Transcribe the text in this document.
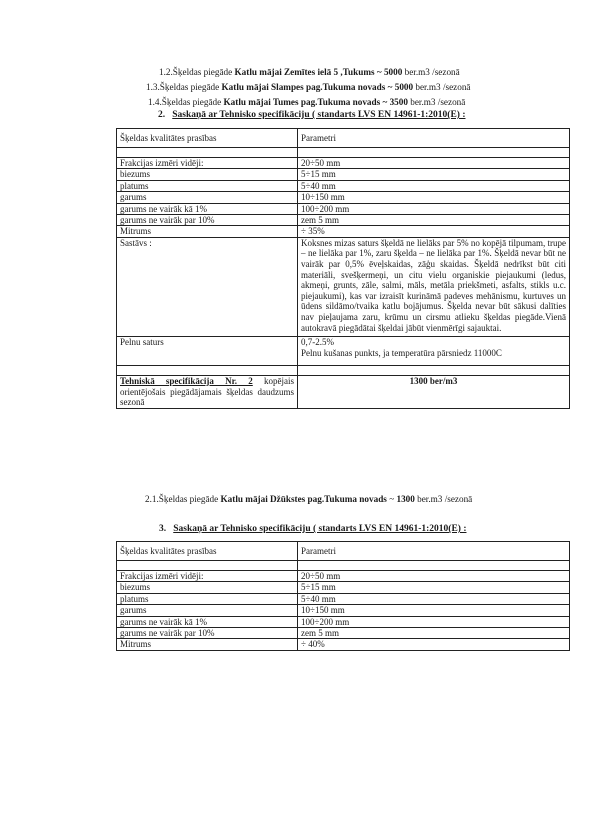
1.2.Šķeldas piegāde Katlu mājai Zemītes ielā 5 ,Tukums ~ 5000 ber.m3 /sezonā
1.3.Šķeldas piegāde Katlu mājai Slampes pag.Tukuma novads ~ 5000 ber.m3 /sezonā
1.4.Šķeldas piegāde Katlu mājai Tumes pag.Tukuma novads ~ 3500 ber.m3 /sezonā
2. Saskaņā ar Tehnisko specifikāciju ( standarts LVS EN 14961-1:2010(E) :
Šķeldas kvalitātes prasības	Parametri

Frakcijas izmēri vidēji:	20÷50 mm
biezums	5÷15 mm
platums	5÷40 mm
garums	10÷150 mm
garums ne vairāk kā 1%	100÷200 mm
garums ne vairāk par 10%	zem 5 mm
Mitrums	÷ 35%
Sastāvs :	Koksnes mizas saturs šķeldā ne lielāks par 5% no kopējā tilpumam, trupe – ne lielāka par 1%, zaru šķelda – ne lielāka par 1%. Šķeldā nevar būt ne vairāk par 0,5% ēveļskaidas, zāģu skaidas. Šķeldā nedrīkst būt citi materiāli, svešķermeņi, un citu vielu organiskie piejaukumi (ledus, akmeņi, grunts, zāle, salmi, māls, metāla priekšmeti, asfalts, stikls u.c. piejaukumi), kas var izraisīt kurināmā padeves mehānismu, kurtuves un ūdens sildāmo/tvaika katlu bojājumus. Šķelda nevar būt sākusi dalīties nav pieļaujama zaru, krūmu un cirsmu atlieku šķeldas piegāde.Vienā autokravā piegādātai šķeldai jābūt vienmērīgi sajauktai.
Pelnu saturs	0,7-2.5%
Pelnu kušanas punkts, ja temperatūra pārsniedz 11000C

Tehniskā specifikācija Nr. 2 kopējais orientējošais piegādājamais šķeldas daudzums sezonā	1300 ber/m3
2.1.Šķeldas piegāde Katlu mājai Džūkstes pag.Tukuma novads ~ 1300 ber.m3 /sezonā
3. Saskaņā ar Tehnisko specifikāciju ( standarts LVS EN 14961-1:2010(E) :
Šķeldas kvalitātes prasības	Parametri

Frakcijas izmēri vidēji:	20÷50 mm
biezums	5÷15 mm
platums	5÷40 mm
garums	10÷150 mm
garums ne vairāk kā 1%	100÷200 mm
garums ne vairāk par 10%	zem 5 mm
Mitrums	÷ 40%
